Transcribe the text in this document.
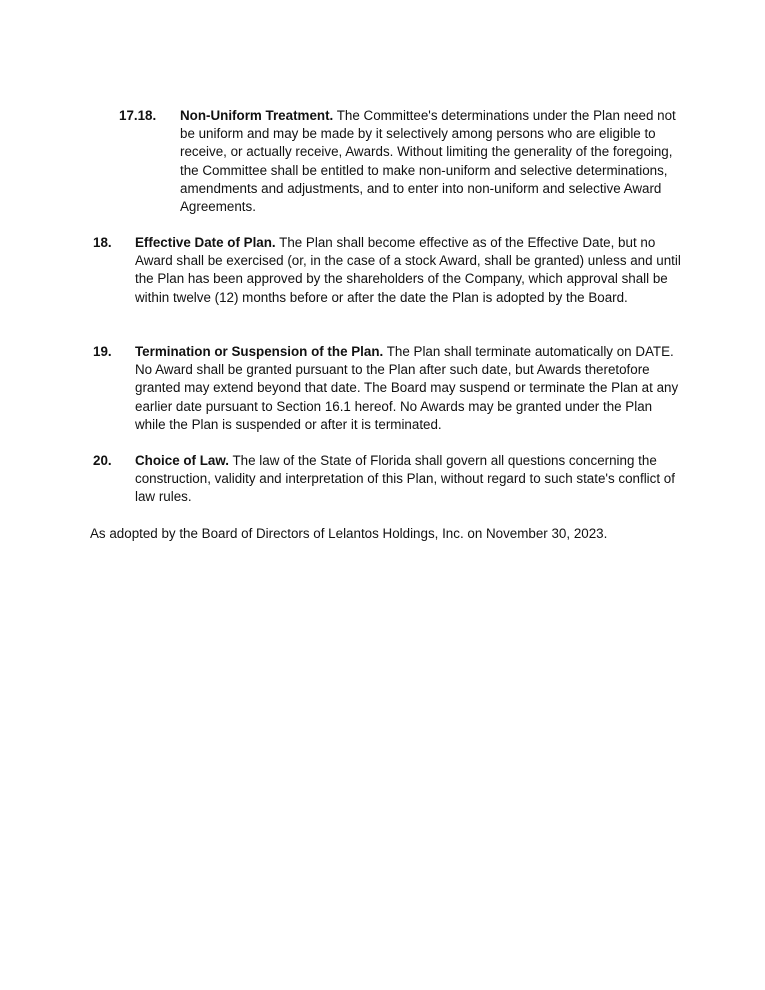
17.18. Non-Uniform Treatment. The Committee's determinations under the Plan need not be uniform and may be made by it selectively among persons who are eligible to receive, or actually receive, Awards. Without limiting the generality of the foregoing, the Committee shall be entitled to make non-uniform and selective determinations, amendments and adjustments, and to enter into non-uniform and selective Award Agreements.
18. Effective Date of Plan. The Plan shall become effective as of the Effective Date, but no Award shall be exercised (or, in the case of a stock Award, shall be granted) unless and until the Plan has been approved by the shareholders of the Company, which approval shall be within twelve (12) months before or after the date the Plan is adopted by the Board.
19. Termination or Suspension of the Plan. The Plan shall terminate automatically on DATE. No Award shall be granted pursuant to the Plan after such date, but Awards theretofore granted may extend beyond that date. The Board may suspend or terminate the Plan at any earlier date pursuant to Section 16.1 hereof. No Awards may be granted under the Plan while the Plan is suspended or after it is terminated.
20. Choice of Law. The law of the State of Florida shall govern all questions concerning the construction, validity and interpretation of this Plan, without regard to such state's conflict of law rules.
As adopted by the Board of Directors of Lelantos Holdings, Inc. on November 30, 2023.
